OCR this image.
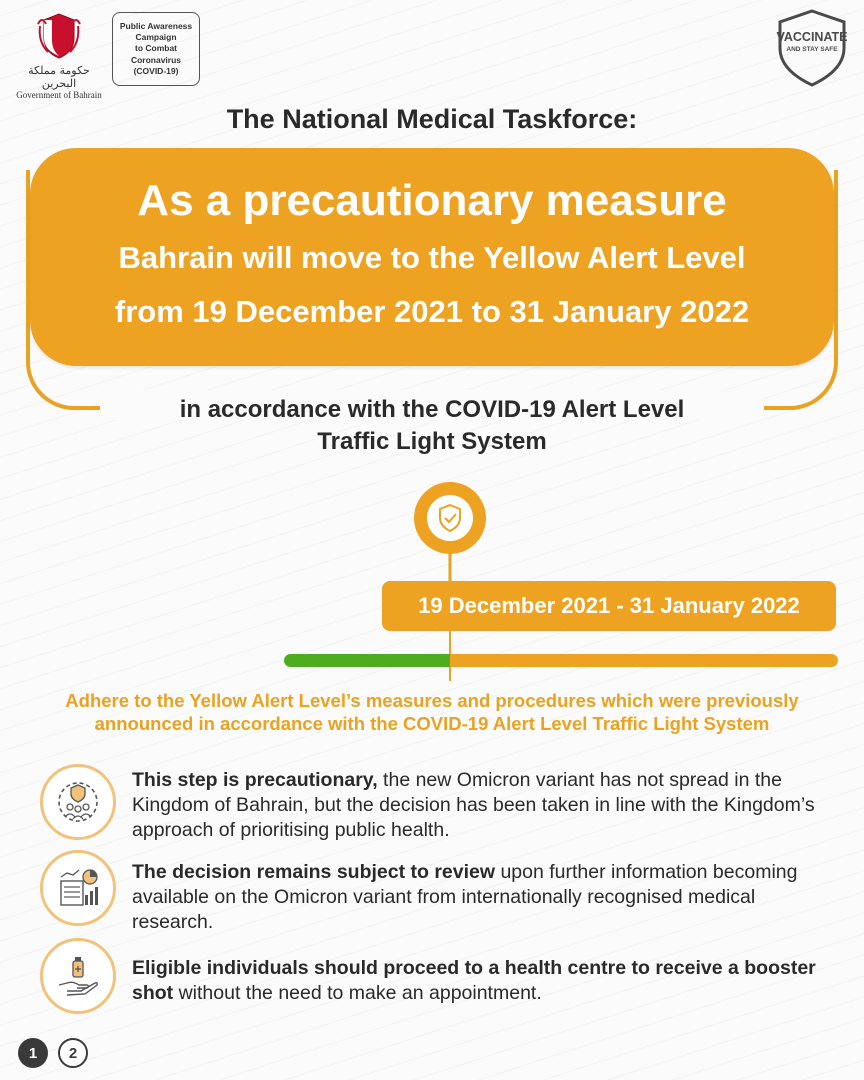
حكومة مملكة البحرين
Government of Bahrain
Public Awareness
Campaign
to Combat
Coronavirus
(COVID-19)
VACCINATE
AND STAY SAFE
The National Medical Taskforce:
As a precautionary measure
Bahrain will move to the Yellow Alert Level
from 19 December 2021 to 31 January 2022
in accordance with the COVID-19 Alert Level
Traffic Light System
19 December 2021 - 31 January 2022
Adhere to the Yellow Alert Level’s measures and procedures which were previously
announced in accordance with the COVID-19 Alert Level Traffic Light System
This step is precautionary, the new Omicron variant has not spread in the Kingdom of Bahrain, but the decision has been taken in line with the Kingdom’s approach of prioritising public health.
The decision remains subject to review upon further information becoming available on the Omicron variant from internationally recognised medical research.
Eligible individuals should proceed to a health centre to receive a booster shot without the need to make an appointment.
1	2
